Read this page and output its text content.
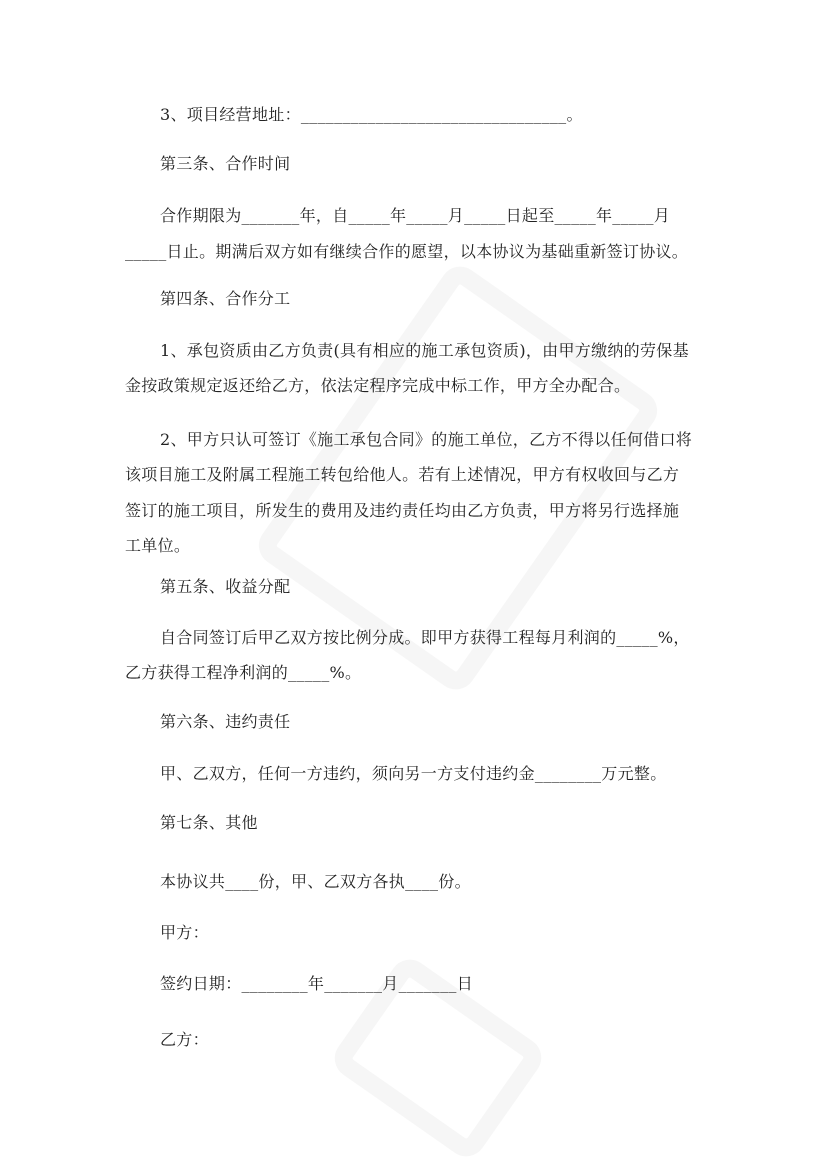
3、项目经营地址：________________________________。
第三条、合作时间
合作期限为_______年，自_____年_____月_____日起至_____年_____月
_____日止。期满后双方如有继续合作的愿望，以本协议为基础重新签订协议。
第四条、合作分工
1、承包资质由乙方负责(具有相应的施工承包资质)，由甲方缴纳的劳保基
金按政策规定返还给乙方，依法定程序完成中标工作，甲方全办配合。
2、甲方只认可签订《施工承包合同》的施工单位，乙方不得以任何借口将
该项目施工及附属工程施工转包给他人。若有上述情况，甲方有权收回与乙方
签订的施工项目，所发生的费用及违约责任均由乙方负责，甲方将另行选择施
工单位。
第五条、收益分配
自合同签订后甲乙双方按比例分成。即甲方获得工程每月利润的_____%，
乙方获得工程净利润的_____%。
第六条、违约责任
甲、乙双方，任何一方违约，须向另一方支付违约金________万元整。
第七条、其他
本协议共____份，甲、乙双方各执____份。
甲方：
签约日期：________年_______月_______日
乙方：
